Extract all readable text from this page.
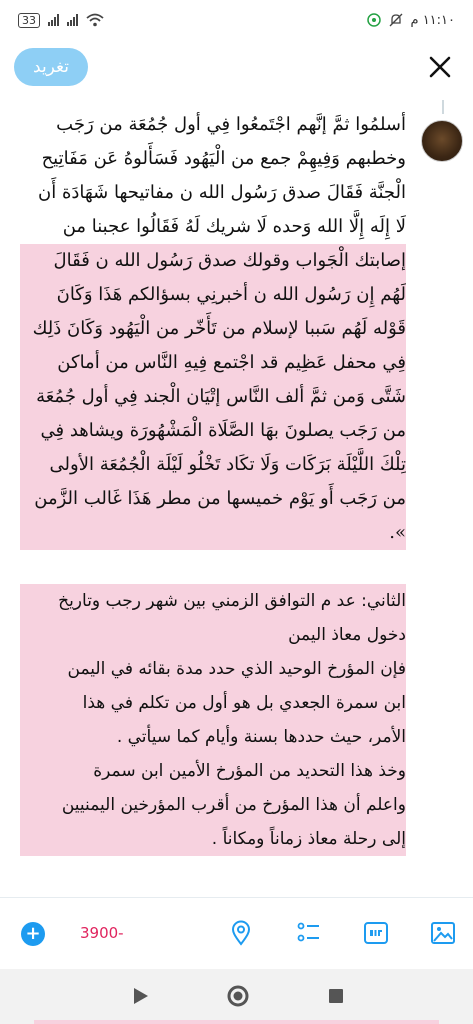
33	١١:١٠ م
تغريد
أسلمُوا ثمَّ إنَّهم اجْتَمعُوا فِي أول جُمُعَة من رَجَب
وخطبهم وَفِيهِمْ جمع من الْيَهُود فَسَأَلوهُ عَن مَفَاتِيح
الْجنَّة فَقَالَ صدق رَسُول الله ن مفاتيحها شَهَادَة أَن
لَا إِلَه إِلَّا الله وَحده لَا شريك لَهُ فَقَالُوا عجبنا من
إصابتك الْجَواب وقولك صدق رَسُول الله ن فَقَالَ
لَهُم إِن رَسُول الله ن أخبرنِي بسؤالكم هَذَا وَكَانَ
قَوْله لَهُم سَببا لإسلام من تَأَخّر من الْيَهُود وَكَانَ ذَلِك
فِي محفل عَظِيم قد اجْتمع فِيهِ النَّاس من أماكن
شَتَّى وَمن ثمَّ ألف النَّاس إتْيَان الْجند فِي أول جُمُعَة
من رَجَب يصلونَ بهَا الصَّلَاة الْمَشْهُورَة ويشاهد فِي
تِلْكَ اللَّيْلَة بَرَكَات وَلَا تكَاد تَخْلُو لَيْلَة الْجُمُعَة الأولى
من رَجَب أَو يَوْم خميسها من مطر هَذَا غَالب الزَّمن
».
الثاني: عد م التوافق الزمني بين شهر رجب وتاريخ
دخول معاذ اليمن
فإن المؤرخ الوحيد الذي حدد مدة بقائه في اليمن
ابن سمرة الجعدي بل هو أول من تكلم في هذا
الأمر، حيث حددها بسنة وأيام كما سيأتي .
وخذ هذا التحديد من المؤرخ الأمين ابن سمرة
واعلم أن هذا المؤرخ من أقرب المؤرخين اليمنيين
إلى رحلة معاذ زماناً ومكاناً .
+	3900-
